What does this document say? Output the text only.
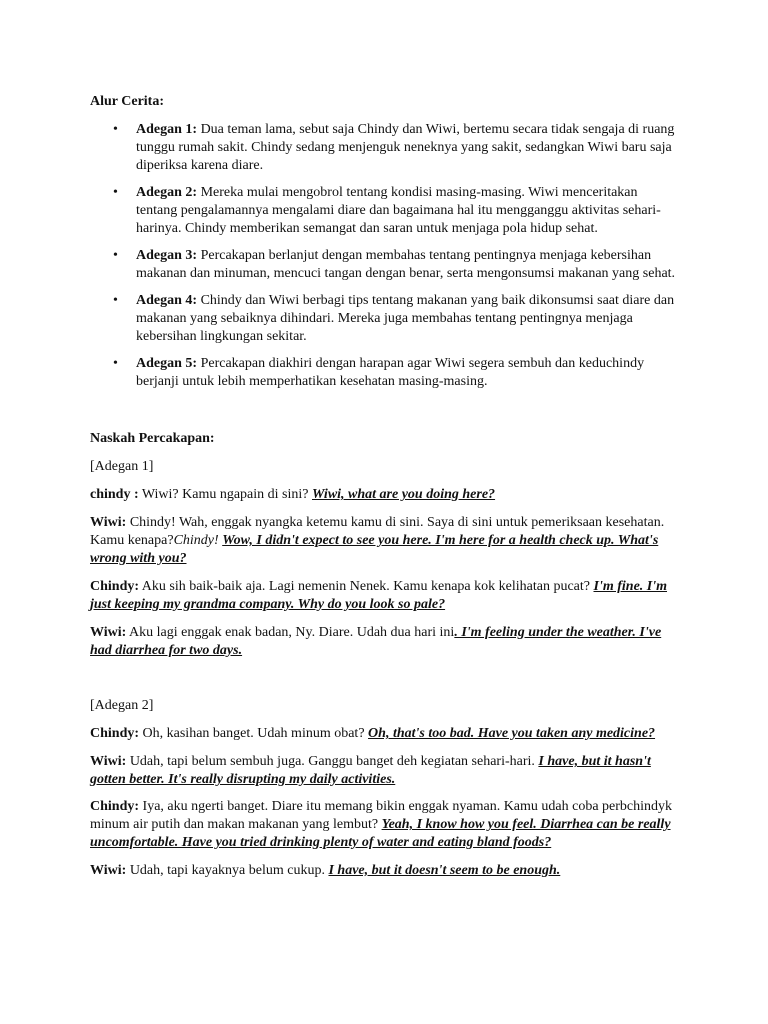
Alur Cerita:
• Adegan 1: Dua teman lama, sebut saja Chindy dan Wiwi, bertemu secara tidak sengaja di ruang tunggu rumah sakit. Chindy sedang menjenguk neneknya yang sakit, sedangkan Wiwi baru saja diperiksa karena diare.
• Adegan 2: Mereka mulai mengobrol tentang kondisi masing-masing. Wiwi menceritakan tentang pengalamannya mengalami diare dan bagaimana hal itu mengganggu aktivitas sehari-harinya. Chindy memberikan semangat dan saran untuk menjaga pola hidup sehat.
• Adegan 3: Percakapan berlanjut dengan membahas tentang pentingnya menjaga kebersihan makanan dan minuman, mencuci tangan dengan benar, serta mengonsumsi makanan yang sehat.
• Adegan 4: Chindy dan Wiwi berbagi tips tentang makanan yang baik dikonsumsi saat diare dan makanan yang sebaiknya dihindari. Mereka juga membahas tentang pentingnya menjaga kebersihan lingkungan sekitar.
• Adegan 5: Percakapan diakhiri dengan harapan agar Wiwi segera sembuh dan keduchindy berjanji untuk lebih memperhatikan kesehatan masing-masing.
Naskah Percakapan:

[Adegan 1]

chindy : Wiwi? Kamu ngapain di sini? Wiwi, what are you doing here?

Wiwi: Chindy! Wah, enggak nyangka ketemu kamu di sini. Saya di sini untuk pemeriksaan kesehatan. Kamu kenapa?Chindy! Wow, I didn't expect to see you here. I'm here for a health check up. What's wrong with you?

Chindy: Aku sih baik-baik aja. Lagi nemenin Nenek. Kamu kenapa kok kelihatan pucat? I'm fine. I'm just keeping my grandma company. Why do you look so pale?

Wiwi: Aku lagi enggak enak badan, Ny. Diare. Udah dua hari ini. I'm feeling under the weather. I've had diarrhea for two days.

[Adegan 2]

Chindy: Oh, kasihan banget. Udah minum obat? Oh, that's too bad. Have you taken any medicine?

Wiwi: Udah, tapi belum sembuh juga. Ganggu banget deh kegiatan sehari-hari. I have, but it hasn't gotten better. It's really disrupting my daily activities.

Chindy: Iya, aku ngerti banget. Diare itu memang bikin enggak nyaman. Kamu udah coba perbchindyk minum air putih dan makan makanan yang lembut? Yeah, I know how you feel. Diarrhea can be really uncomfortable. Have you tried drinking plenty of water and eating bland foods?

Wiwi: Udah, tapi kayaknya belum cukup. I have, but it doesn't seem to be enough.
